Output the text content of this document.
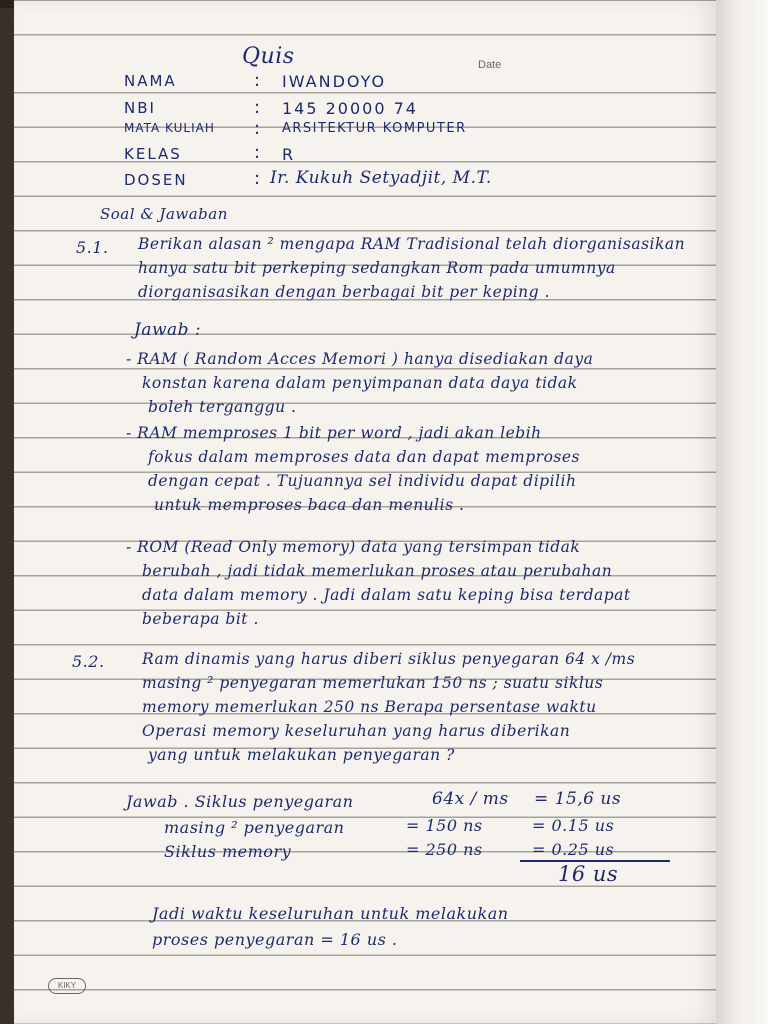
Quis	Date
NAMA	: IWANDOYO
NBI	: 145 20000 74
MATA KULIAH : ARSITEKTUR KOMPUTER
KELAS	: R
DOSEN	: Ir. Kukuh Setyadjit, M.T.
Soal & Jawaban
5.1. Berikan alasan ² mengapa RAM Tradisional telah diorganisasikan
hanya satu bit perkeping sedangkan Rom pada umumnya
diorganisasikan dengan berbagai bit per keping .
Jawab :
- RAM ( Random Acces Memori ) hanya disediakan daya
konstan karena dalam penyimpanan data daya tidak
boleh terganggu .
- RAM memproses 1 bit per word , jadi akan lebih
fokus dalam memproses data dan dapat memproses
dengan cepat . Tujuannya sel individu dapat dipilih
untuk memproses baca dan menulis .
- ROM (Read Only memory) data yang tersimpan tidak
berubah , jadi tidak memerlukan proses atau perubahan
data dalam memory . Jadi dalam satu keping bisa terdapat
beberapa bit .
5.2. Ram dinamis yang harus diberi siklus penyegaran 64 x /ms
masing ² penyegaran memerlukan 150 ns ; suatu siklus
memory memerlukan 250 ns Berapa persentase waktu
Operasi memory keseluruhan yang harus diberikan
yang untuk melakukan penyegaran ?
Jawab . Siklus penyegaran	64x / ms = 15,6 us
masing ² penyegaran	= 150 ns	= 0.15 us
Siklus memory	= 250 ns	= 0.25 us
16 us
Jadi waktu keseluruhan untuk melakukan
proses penyegaran = 16 us .
KIKY
